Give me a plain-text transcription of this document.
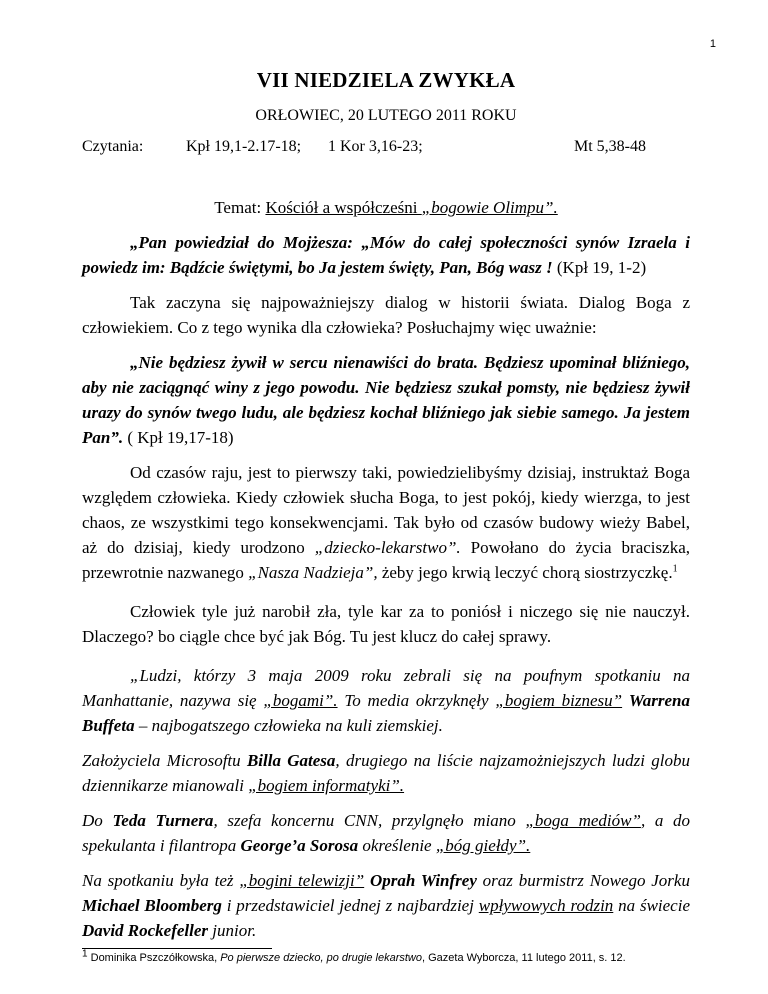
1
VII NIEDZIELA ZWYKŁA
ORŁOWIEC, 20 LUTEGO 2011 ROKU
Czytania:	Kpł 19,1-2.17-18;	1 Kor 3,16-23;	Mt 5,38-48
Temat: Kościół a współcześni „bogowie Olimpu”.

„Pan powiedział do Mojżesza: „Mów do całej społeczności synów Izraela i powiedz im: Bądźcie świętymi, bo Ja jestem święty, Pan, Bóg wasz ! (Kpł 19, 1-2)

Tak zaczyna się najpoważniejszy dialog w historii świata. Dialog Boga z człowiekiem. Co z tego wynika dla człowieka? Posłuchajmy więc uważnie:

„Nie będziesz żywił w sercu nienawiści do brata. Będziesz upominał bliźniego, aby nie zaciągnąć winy z jego powodu. Nie będziesz szukał pomsty, nie będziesz żywił urazy do synów twego ludu, ale będziesz kochał bliźniego jak siebie samego. Ja jestem Pan”. ( Kpł 19,17-18)

Od czasów raju, jest to pierwszy taki, powiedzielibyśmy dzisiaj, instruktaż Boga względem człowieka. Kiedy człowiek słucha Boga, to jest pokój, kiedy wierzga, to jest chaos, ze wszystkimi tego konsekwencjami. Tak było od czasów budowy wieży Babel, aż do dzisiaj, kiedy urodzono „dziecko-lekarstwo”. Powołano do życia braciszka, przewrotnie nazwanego „Nasza Nadzieja”, żeby jego krwią leczyć chorą siostrzyczkę.$^1$

Człowiek tyle już narobił zła, tyle kar za to poniósł i niczego się nie nauczył. Dlaczego? bo ciągle chce być jak Bóg. Tu jest klucz do całej sprawy.

„Ludzi, którzy 3 maja 2009 roku zebrali się na poufnym spotkaniu na Manhattanie, nazywa się „bogami”. To media okrzyknęły „bogiem biznesu” Warrena Buffeta – najbogatszego człowieka na kuli ziemskiej.

Założyciela Microsoftu Billa Gatesa, drugiego na liście najzamożniejszych ludzi globu dziennikarze mianowali „bogiem informatyki”.

Do Teda Turnera, szefa koncernu CNN, przylgnęło miano „boga mediów”, a do spekulanta i filantropa George’a Sorosa określenie „bóg giełdy”.

Na spotkaniu była też „bogini telewizji” Oprah Winfrey oraz burmistrz Nowego Jorku Michael Bloomberg i przedstawiciel jednej z najbardziej wpływowych rodzin na świecie David Rockefeller junior.

$^1$ Dominika Pszczółkowska, Po pierwsze dziecko, po drugie lekarstwo, Gazeta Wyborcza, 11 lutego 2011, s. 12.
